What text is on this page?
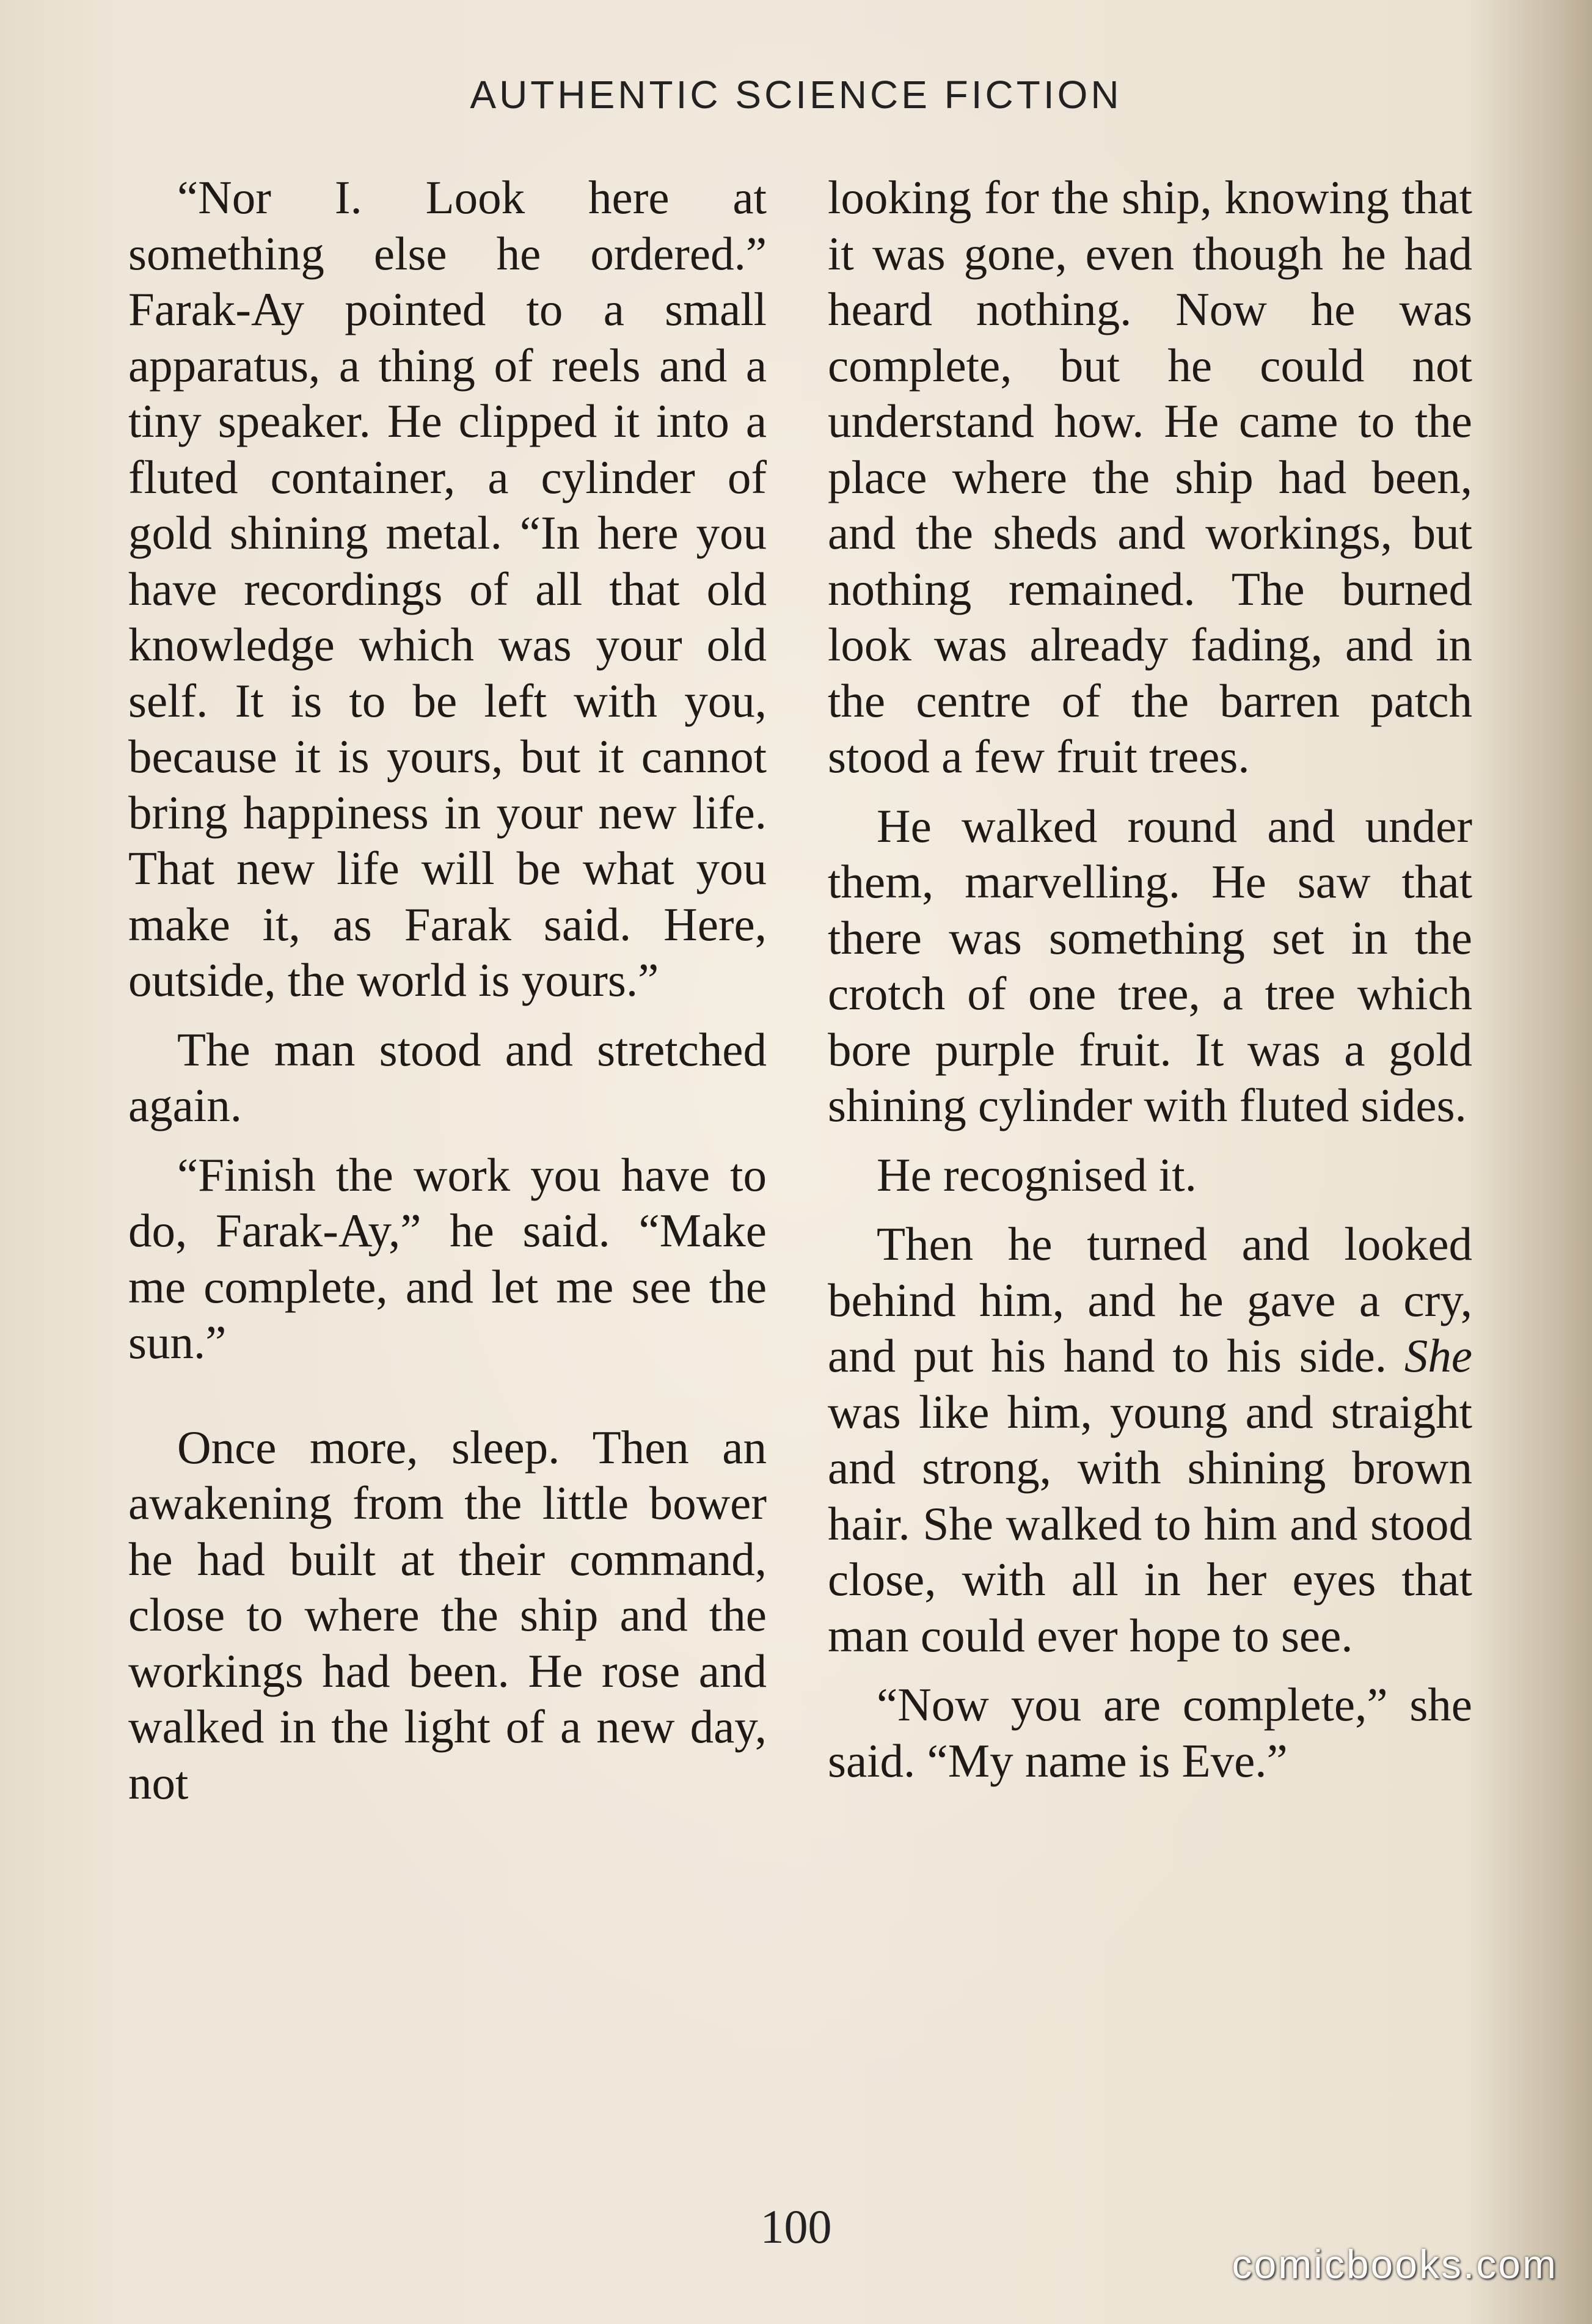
AUTHENTIC SCIENCE FICTION

“Nor I. Look here at something else he ordered.” Farak-Ay pointed to a small apparatus, a thing of reels and a tiny speaker. He clipped it into a fluted container, a cylinder of gold shining metal. “In here you have recordings of all that old knowledge which was your old self. It is to be left with you, because it is yours, but it cannot bring happiness in your new life. That new life will be what you make it, as Farak said. Here, outside, the world is yours.”

The man stood and stretched again.

“Finish the work you have to do, Farak-Ay,” he said. “Make me complete, and let me see the sun.”

Once more, sleep. Then an awakening from the little bower he had built at their command, close to where the ship and the workings had been. He rose and walked in the light of a new day, not

looking for the ship, knowing that it was gone, even though he had heard nothing. Now he was complete, but he could not understand how. He came to the place where the ship had been, and the sheds and workings, but nothing remained. The burned look was already fading, and in the centre of the barren patch stood a few fruit trees.

He walked round and under them, marvelling. He saw that there was something set in the crotch of one tree, a tree which bore purple fruit. It was a gold shining cylinder with fluted sides.

He recognised it.

Then he turned and looked behind him, and he gave a cry, and put his hand to his side. She was like him, young and straight and strong, with shining brown hair. She walked to him and stood close, with all in her eyes that man could ever hope to see.

“Now you are complete,” she said. “My name is Eve.”

100
comicbooks.com
